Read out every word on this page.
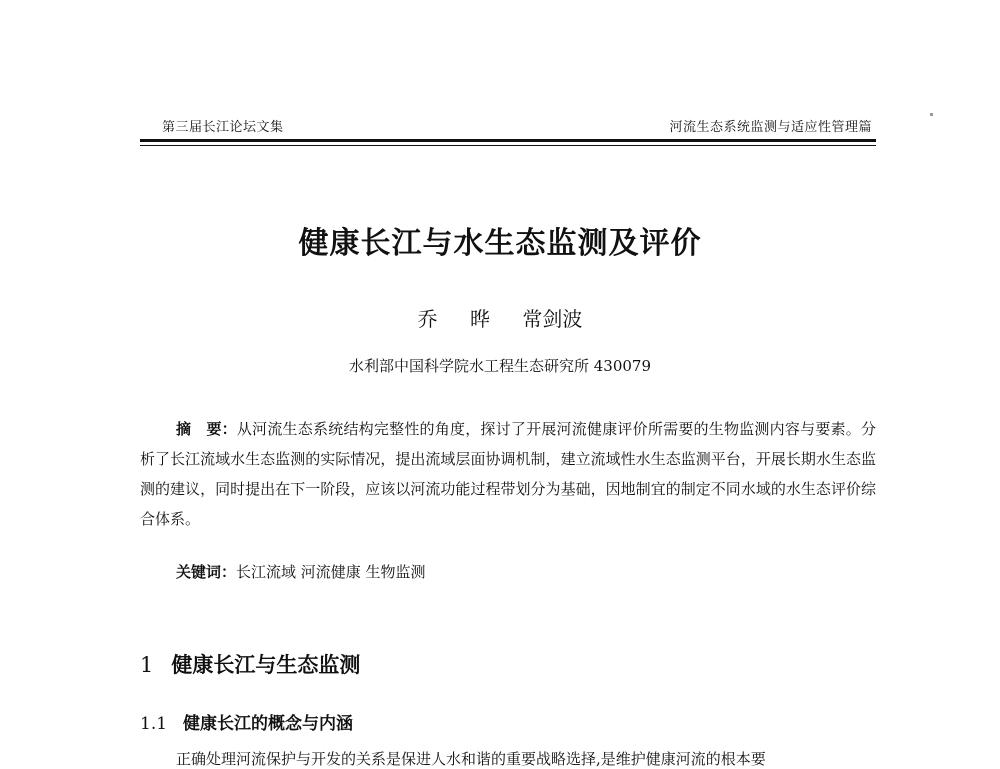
第三届长江论坛文集	河流生态系统监测与适应性管理篇
健康长江与水生态监测及评价
乔 晔 常剑波
水利部中国科学院水工程生态研究所 430079
摘　要：从河流生态系统结构完整性的角度，探讨了开展河流健康评价所需要的生物监测内容与要素。分析了长江流域水生态监测的实际情况，提出流域层面协调机制，建立流域性水生态监测平台，开展长期水生态监测的建议，同时提出在下一阶段，应该以河流功能过程带划分为基础，因地制宜的制定不同水域的水生态评价综合体系。
关键词：长江流域 河流健康 生物监测
1 健康长江与生态监测
1.1 健康长江的概念与内涵
正确处理河流保护与开发的关系是保进人水和谐的重要战略选择,是维护健康河流的根本要
